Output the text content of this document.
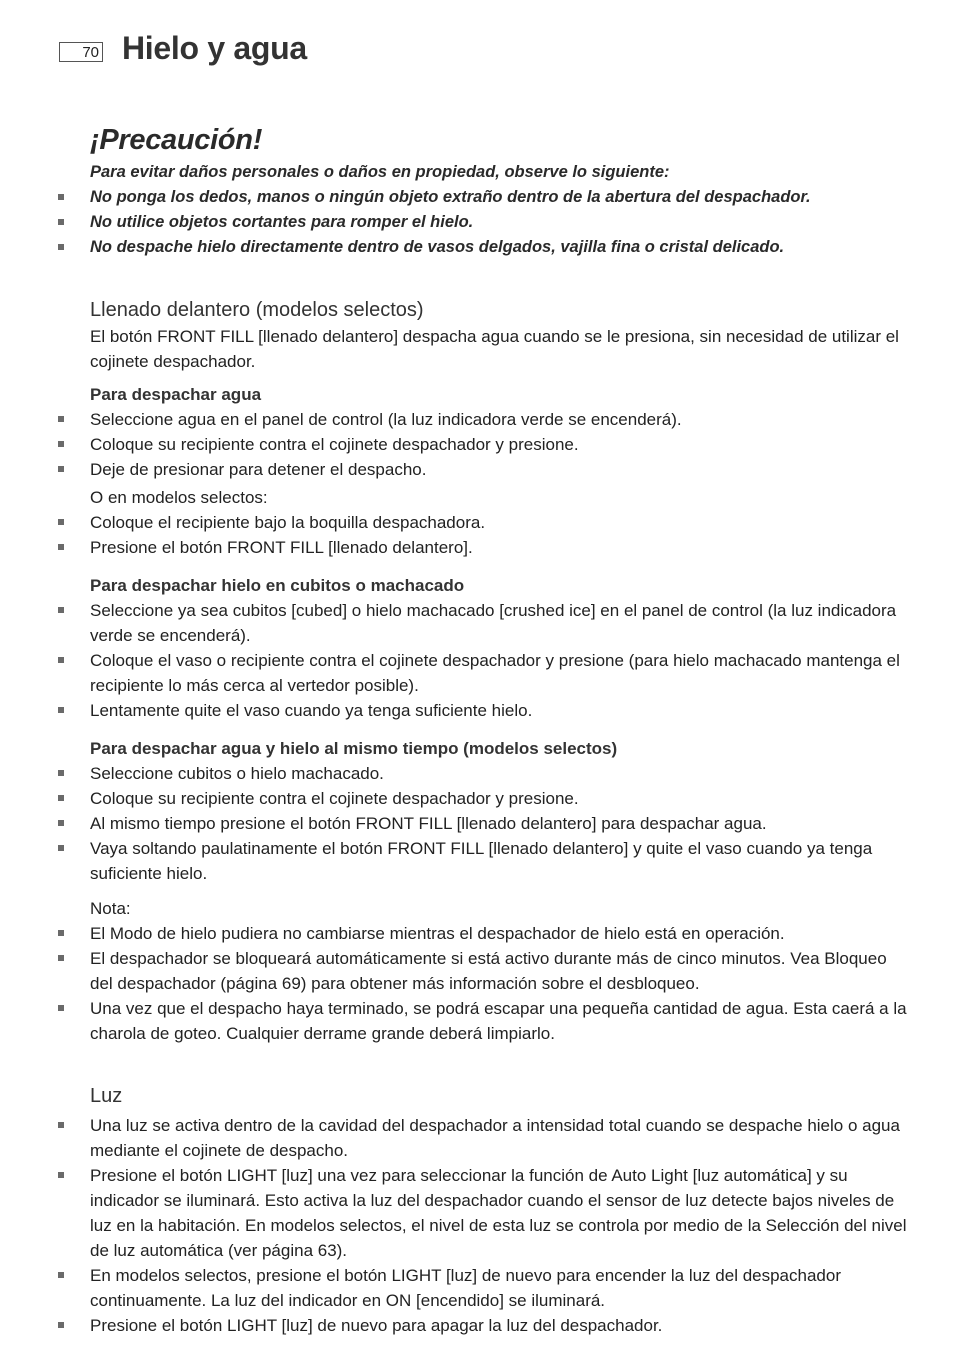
70 Hielo y agua
¡Precaución!

Para evitar daños personales o daños en propiedad, observe lo siguiente:

No ponga los dedos, manos o ningún objeto extraño dentro de la abertura del despachador.
No utilice objetos cortantes para romper el hielo.
No despache hielo directamente dentro de vasos delgados, vajilla fina o cristal delicado.
Llenado delantero (modelos selectos)

El botón FRONT FILL [llenado delantero] despacha agua cuando se le presiona, sin necesidad de utilizar el cojinete despachador.

Para despachar agua
Seleccione agua en el panel de control (la luz indicadora verde se encenderá).
Coloque su recipiente contra el cojinete despachador y presione.
Deje de presionar para detener el despacho.

O en modelos selectos:

Coloque el recipiente bajo la boquilla despachadora.
Presione el botón FRONT FILL [llenado delantero].
Para despachar hielo en cubitos o machacado
Seleccione ya sea cubitos [cubed] o hielo machacado [crushed ice] en el panel de control (la luz indicadora verde se encenderá).
Coloque el vaso o recipiente contra el cojinete despachador y presione (para hielo machacado mantenga el recipiente lo más cerca al vertedor posible).
Lentamente quite el vaso cuando ya tenga suficiente hielo.
Para despachar agua y hielo al mismo tiempo (modelos selectos)
Seleccione cubitos o hielo machacado.
Coloque su recipiente contra el cojinete despachador y presione.
Al mismo tiempo presione el botón FRONT FILL [llenado delantero] para despachar agua.
Vaya soltando paulatinamente el botón FRONT FILL [llenado delantero] y quite el vaso cuando ya tenga suficiente hielo.

Nota:

El Modo de hielo pudiera no cambiarse mientras el despachador de hielo está en operación.
El despachador se bloqueará automáticamente si está activo durante más de cinco minutos. Vea Bloqueo del despachador (página 69) para obtener más información sobre el desbloqueo.
Una vez que el despacho haya terminado, se podrá escapar una pequeña cantidad de agua. Esta caerá a la charola de goteo. Cualquier derrame grande deberá limpiarlo.
Luz
Una luz se activa dentro de la cavidad del despachador a intensidad total cuando se despache hielo o agua mediante el cojinete de despacho.
Presione el botón LIGHT [luz] una vez para seleccionar la función de Auto Light [luz automática] y su indicador se iluminará. Esto activa la luz del despachador cuando el sensor de luz detecte bajos niveles de luz en la habitación. En modelos selectos, el nivel de esta luz se controla por medio de la Selección del nivel de luz automática (ver página 63).
En modelos selectos, presione el botón LIGHT [luz] de nuevo para encender la luz del despachador continuamente. La luz del indicador en ON [encendido] se iluminará.
Presione el botón LIGHT [luz] de nuevo para apagar la luz del despachador.
